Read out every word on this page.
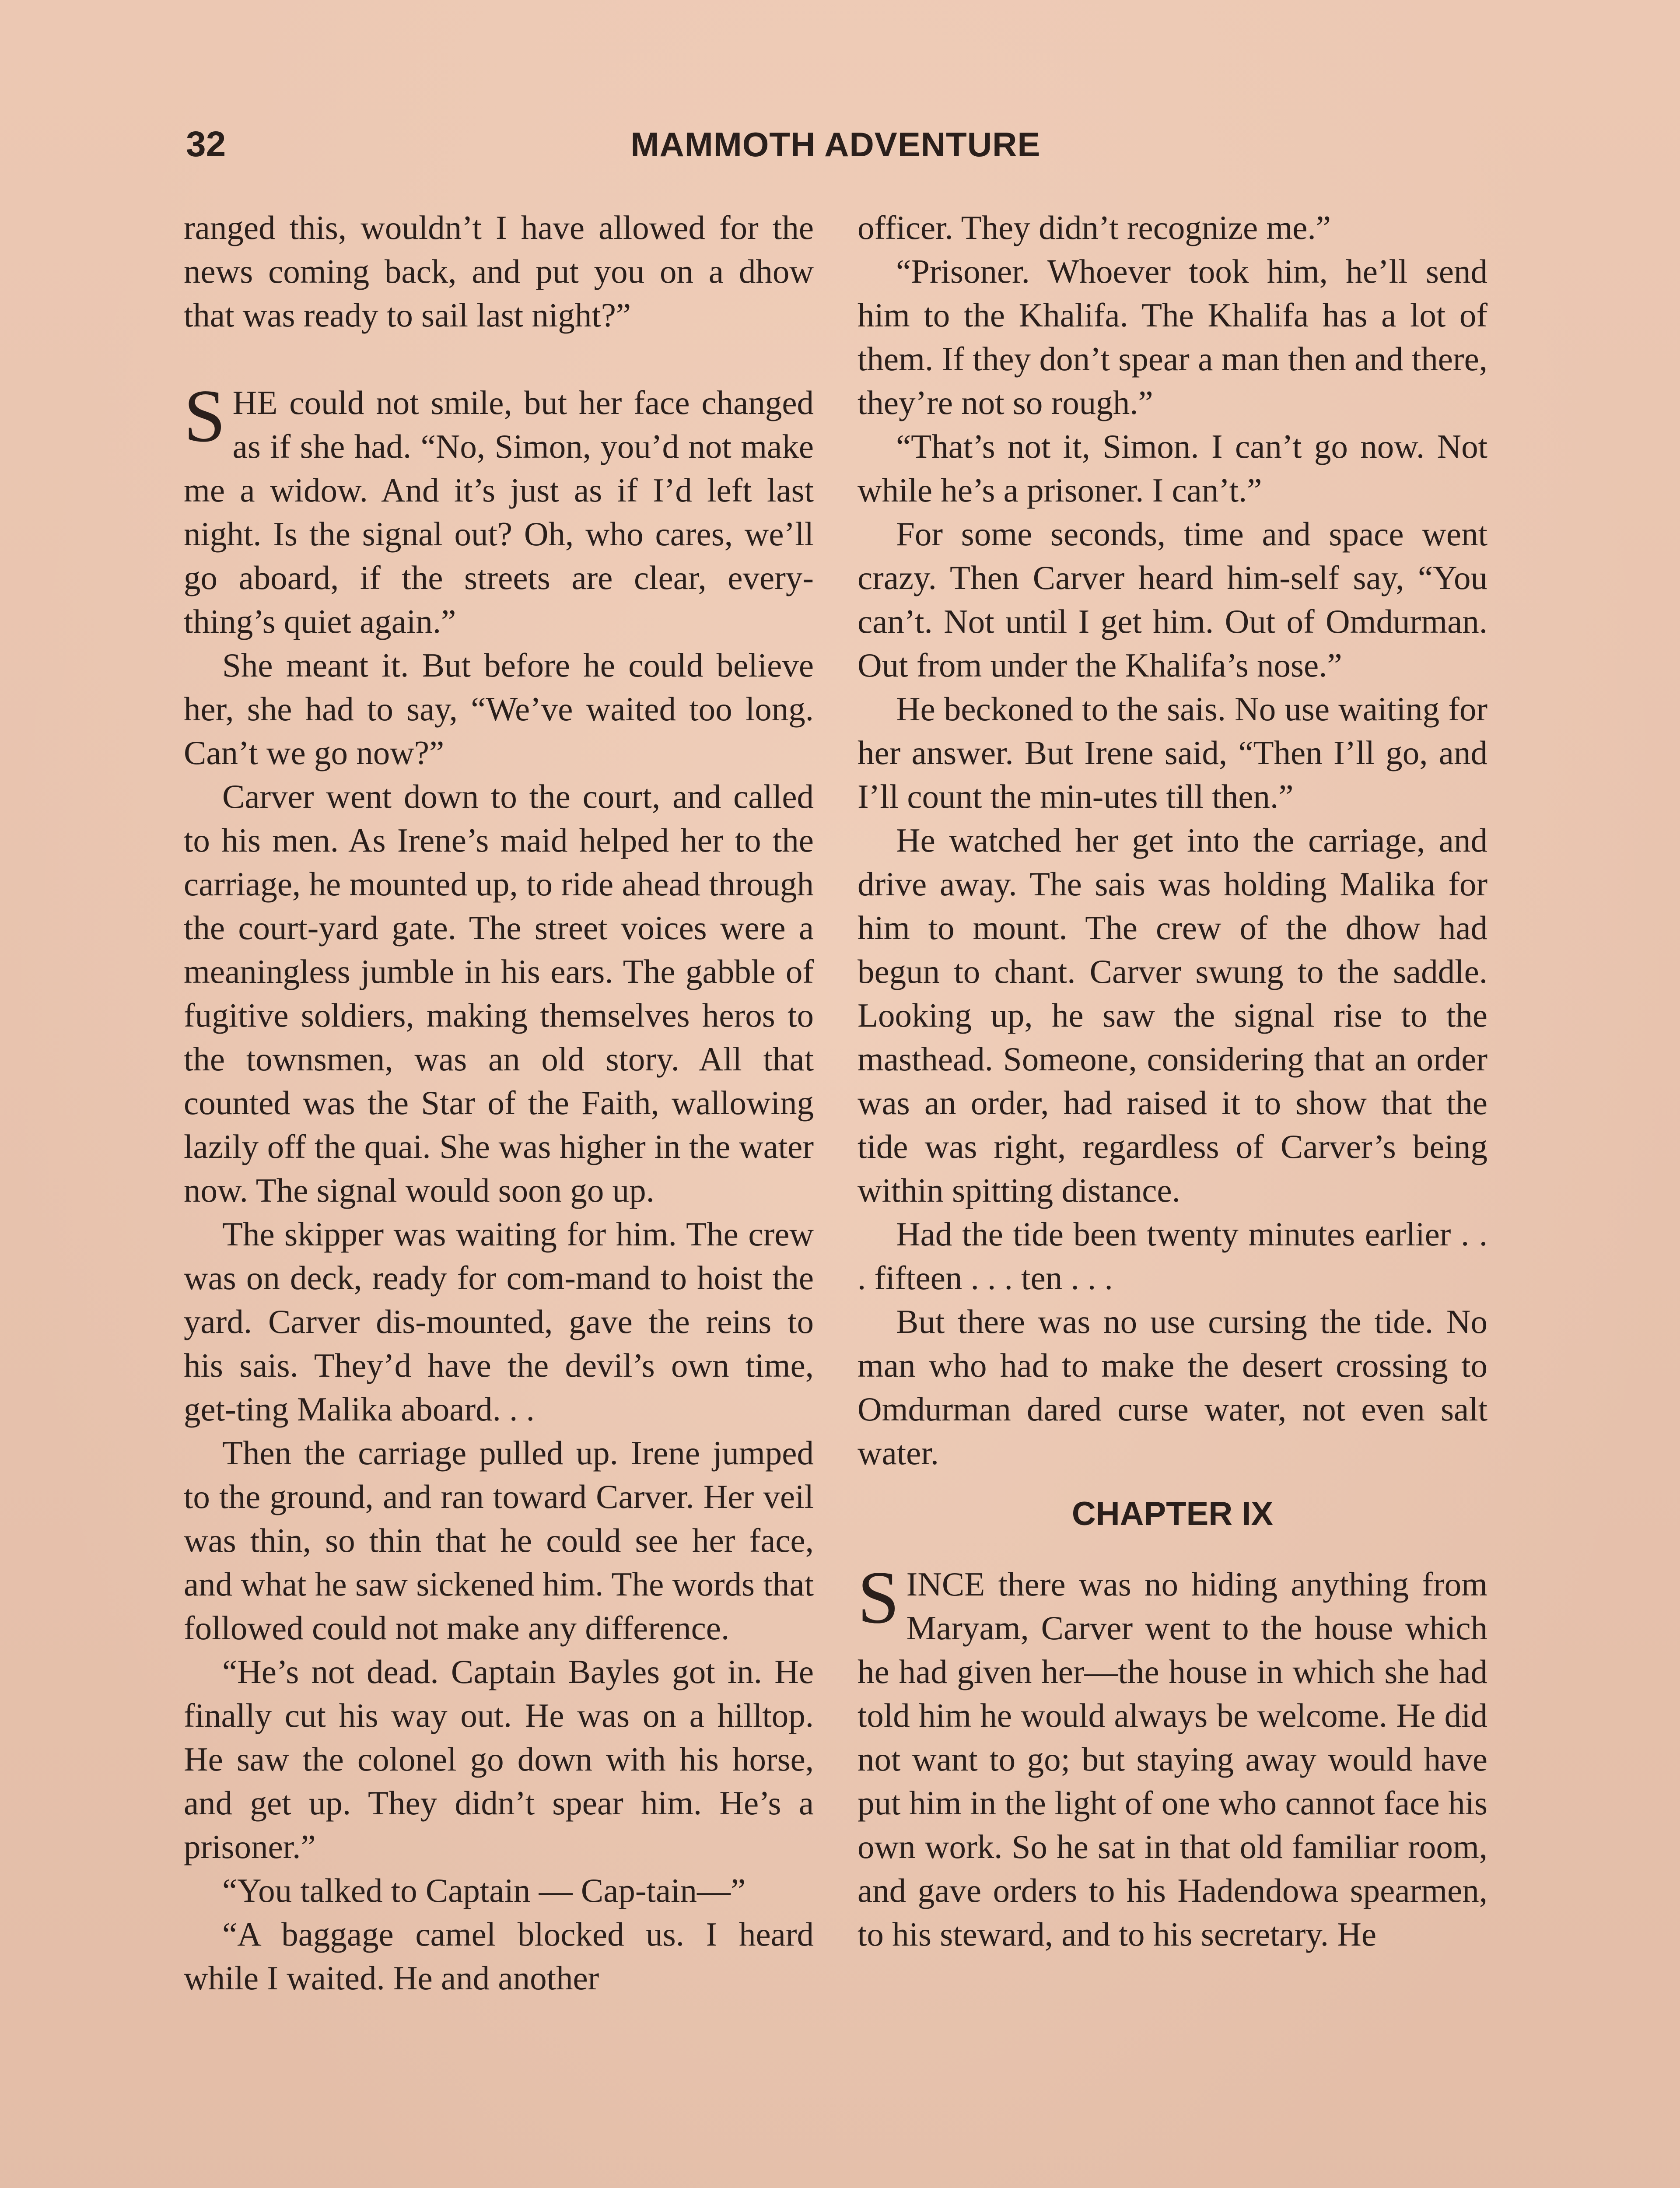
32	MAMMOTH ADVENTURE

ranged this, wouldn’t I have allowed for the news coming back, and put you on a dhow that was ready to sail last night?”

SHE could not smile, but her face changed as if she had. “No, Simon, you’d not make me a widow. And it’s just as if I’d left last night. Is the signal out? Oh, who cares, we’ll go aboard, if the streets are clear, every-thing’s quiet again.”

She meant it. But before he could believe her, she had to say, “We’ve waited too long. Can’t we go now?”

Carver went down to the court, and called to his men. As Irene’s maid helped her to the carriage, he mounted up, to ride ahead through the court-yard gate. The street voices were a meaningless jumble in his ears. The gabble of fugitive soldiers, making themselves heros to the townsmen, was an old story. All that counted was the Star of the Faith, wallowing lazily off the quai. She was higher in the water now. The signal would soon go up.

The skipper was waiting for him. The crew was on deck, ready for com-mand to hoist the yard. Carver dis-mounted, gave the reins to his sais. They’d have the devil’s own time, get-ting Malika aboard. . .

Then the carriage pulled up. Irene jumped to the ground, and ran toward Carver. Her veil was thin, so thin that he could see her face, and what he saw sickened him. The words that followed could not make any difference.

“He’s not dead. Captain Bayles got in. He finally cut his way out. He was on a hilltop. He saw the colonel go down with his horse, and get up. They didn’t spear him. He’s a prisoner.”

“You talked to Captain — Cap-tain—”

“A baggage camel blocked us. I heard while I waited. He and another

officer. They didn’t recognize me.”

“Prisoner. Whoever took him, he’ll send him to the Khalifa. The Khalifa has a lot of them. If they don’t spear a man then and there, they’re not so rough.”

“That’s not it, Simon. I can’t go now. Not while he’s a prisoner. I can’t.”

For some seconds, time and space went crazy. Then Carver heard him-self say, “You can’t. Not until I get him. Out of Omdurman. Out from under the Khalifa’s nose.”

He beckoned to the sais. No use waiting for her answer. But Irene said, “Then I’ll go, and I’ll count the min-utes till then.”

He watched her get into the carriage, and drive away. The sais was holding Malika for him to mount. The crew of the dhow had begun to chant. Carver swung to the saddle. Looking up, he saw the signal rise to the masthead. Someone, considering that an order was an order, had raised it to show that the tide was right, regardless of Carver’s being within spitting distance.

Had the tide been twenty minutes earlier . . . fifteen . . . ten . . .

But there was no use cursing the tide. No man who had to make the desert crossing to Omdurman dared curse water, not even salt water.

CHAPTER IX

SINCE there was no hiding anything from Maryam, Carver went to the house which he had given her—the house in which she had told him he would always be welcome. He did not want to go; but staying away would have put him in the light of one who cannot face his own work. So he sat in that old familiar room, and gave orders to his Hadendowa spearmen, to his steward, and to his secretary. He
